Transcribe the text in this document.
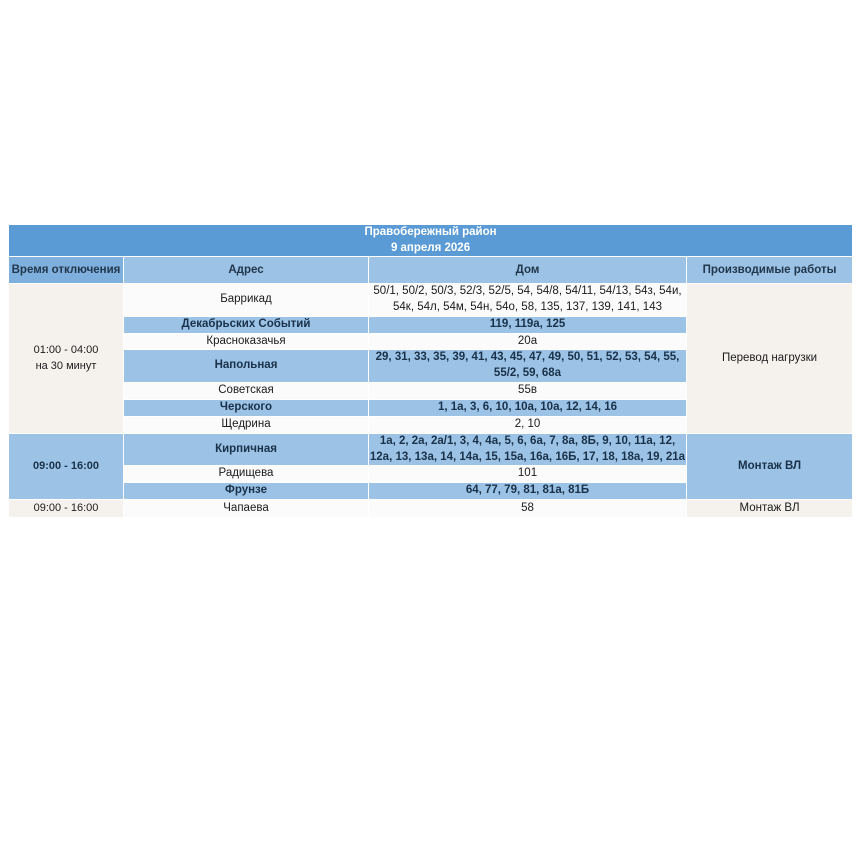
Правобережный район
9 апреля 2026			

Время отключения	Адрес	Дом	Производимые работы

01:00 - 04:00
на 30 минут	Баррикад	50/1, 50/2, 50/3, 52/3, 52/5, 54, 54/8, 54/11, 54/13, 54з, 54и, 54к, 54л, 54м, 54н, 54о, 58, 135, 137, 139, 141, 143	Перевод нагрузки
	Декабрьских Событий	119, 119а, 125	
	Красноказачья	20а	
	Напольная	29, 31, 33, 35, 39, 41, 43, 45, 47, 49, 50, 51, 52, 53, 54, 55, 55/2, 59, 68а	
	Советская	55в	
	Черского	1, 1а, 3, 6, 10, 10а, 10а, 12, 14, 16	
	Щедрина	2, 10	

09:00 - 16:00	Кирпичная	1а, 2, 2а, 2а/1, 3, 4, 4а, 5, 6, 6а, 7, 8а, 8Б, 9, 10, 11а, 12, 12а, 13, 13а, 14, 14а, 15, 15а, 16а, 16Б, 17, 18, 18а, 19, 21а	Монтаж ВЛ
	Радищева	101	
	Фрунзе	64, 77, 79, 81, 81а, 81Б	

09:00 - 16:00	Чапаева	58	Монтаж ВЛ
